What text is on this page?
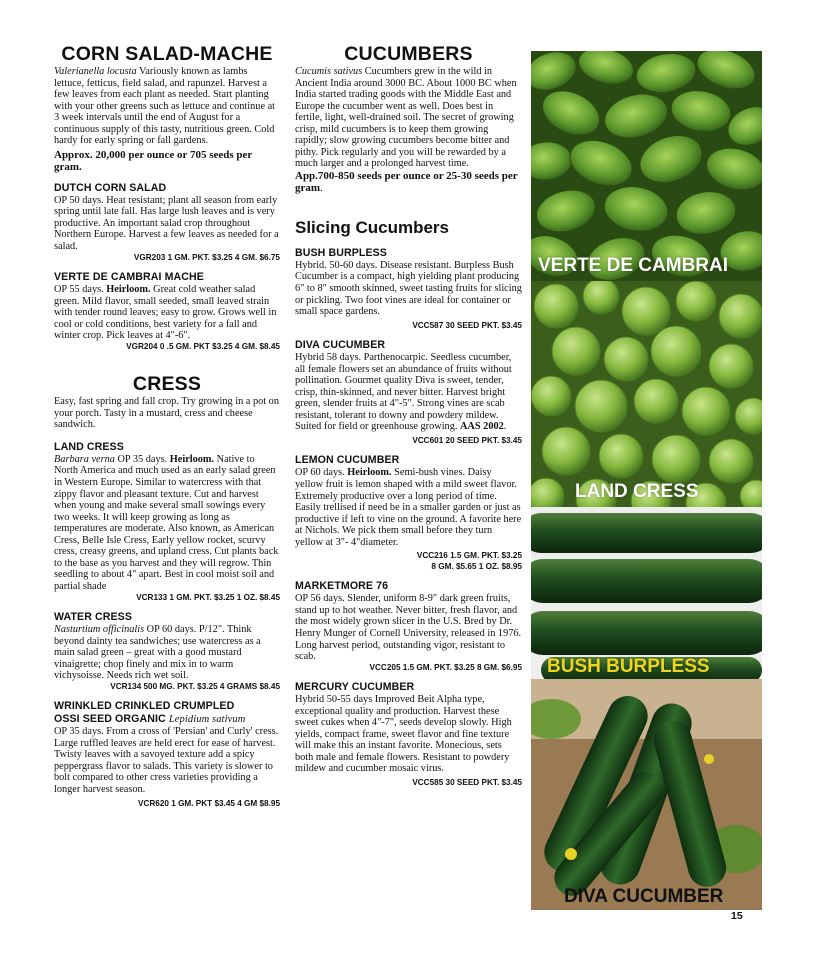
CORN SALAD-MACHE

Valerianella locusta Variously known as lambs lettuce, fetticus, field salad, and rapunzel. Harvest a few leaves from each plant as needed. Start planting with your other greens such as lettuce and continue at 3 week intervals until the end of August for a continuous supply of this tasty, nutritious green. Cold hardy for early spring or fall gardens.

Approx. 20,000 per ounce or 705 seeds per gram.

DUTCH CORN SALAD

OP 50 days. Heat resistant; plant all season from early spring until late fall. Has large lush leaves and is very productive. An important salad crop throughout Northern Europe. Harvest a few leaves as needed for a salad.

VGR203 1 GM. PKT. $3.25 4 GM. $6.75
VERTE DE CAMBRAI MACHE

OP 55 days. Heirloom. Great cold weather salad green. Mild flavor, small seeded, small leaved strain with tender round leaves; easy to grow. Grows well in cool or cold conditions, best variety for a fall and winter crop. Pick leaves at 4"-6".

VGR204 0 .5 GM. PKT $3.25 4 GM. $8.45
CRESS

Easy, fast spring and fall crop. Try growing in a pot on your porch. Tasty in a mustard, cress and cheese sandwich.

LAND CRESS

Barbara verna OP 35 days. Heirloom. Native to North America and much used as an early salad green in Western Europe. Similar to watercress with that zippy flavor and pleasant texture. Cut and harvest when young and make several small sowings every two weeks. It will keep growing as long as temperatures are moderate. Also known, as American Cress, Belle Isle Cress, Early yellow rocket, scurvy cress, creasy greens, and upland cress. Cut plants back to the base as you harvest and they will regrow. Thin seedling to about 4" apart. Best in cool moist soil and partial shade

VCR133 1 GM. PKT. $3.25 1 OZ. $8.45
WATER CRESS

Nasturtium officinalis OP 60 days. P/12". Think beyond dainty tea sandwiches; use watercress as a main salad green – great with a good mustard vinaigrette; chop finely and mix in to warm vichysoisse. Needs rich wet soil.

VCR134 500 MG. PKT. $3.25 4 GRAMS $8.45
WRINKLED CRINKLED CRUMPLED
OSSI SEED ORGANIC Lepidium sativum

OP 35 days. From a cross of 'Persian' and Curly' cress. Large ruffled leaves are held erect for ease of harvest. Twisty leaves with a savoyed texture add a spicy peppergrass flavor to salads. This variety is slower to bolt compared to other cress varieties providing a longer harvest season.

VCR620 1 GM. PKT $3.45 4 GM $8.95
CUCUMBERS

Cucumis sativus Cucumbers grew in the wild in Ancient India around 3000 BC. About 1000 BC when India started trading goods with the Middle East and Europe the cucumber went as well. Does best in fertile, light, well-drained soil. The secret of growing crisp, mild cucumbers is to keep them growing rapidly; slow growing cucumbers become bitter and pithy. Pick regularly and you will be rewarded by a much larger and a prolonged harvest time.

App.700-850 seeds per ounce or 25-30 seeds per gram.

Slicing Cucumbers
BUSH BURPLESS

Hybrid. 50-60 days. Disease resistant. Burpless Bush Cucumber is a compact, high yielding plant producing 6" to 8" smooth skinned, sweet tasting fruits for slicing or pickling. Two foot vines are ideal for container or small space gardens.

VCC587 30 SEED PKT. $3.45
DIVA CUCUMBER

Hybrid 58 days. Parthenocarpic. Seedless cucumber, all female flowers set an abundance of fruits without pollination. Gourmet quality Diva is sweet, tender, crisp, thin-skinned, and never bitter. Harvest bright green, slender fruits at 4"-5". Strong vines are scab resistant, tolerant to downy and powdery mildew. Suited for field or greenhouse growing. AAS 2002.

VCC601 20 SEED PKT. $3.45
LEMON CUCUMBER

OP 60 days. Heirloom. Semi-bush vines. Daisy yellow fruit is lemon shaped with a mild sweet flavor. Extremely productive over a long period of time. Easily trellised if need be in a smaller garden or just as productive if left to vine on the ground. A favorite here at Nichols. We pick them small before they turn yellow at 3"- 4"diameter.

VCC216 1.5 GM. PKT. $3.25
8 GM. $5.65 1 OZ. $8.95
MARKETMORE 76

OP 56 days. Slender, uniform 8-9" dark green fruits, stand up to hot weather. Never bitter, fresh flavor, and the most widely grown slicer in the U.S. Bred by Dr. Henry Munger of Cornell University, released in 1976. Long harvest period, outstanding vigor, resistant to scab.

VCC205 1.5 GM. PKT. $3.25 8 GM. $6.95
MERCURY CUCUMBER

Hybrid 50-55 days Improved Beit Alpha type, exceptional quality and production. Harvest these sweet cukes when 4"-7", seeds develop slowly. High yields, compact frame, sweet flavor and fine texture will make this an instant favorite. Monecious, sets both male and female flowers. Resistant to powdery mildew and cucumber mosaic virus.

VCC585 30 SEED PKT. $3.45
VERTE DE CAMBRAI
LAND CRESS
BUSH BURPLESS
DIVA CUCUMBER
15
